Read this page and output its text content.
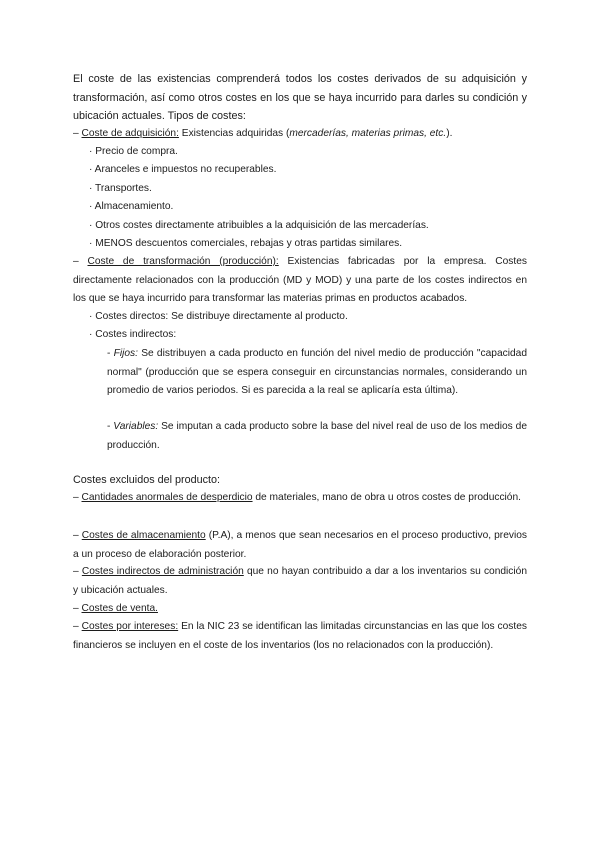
El coste de las existencias comprenderá todos los costes derivados de su adquisición y transformación, así como otros costes en los que se haya incurrido para darles su condición y ubicación actuales. Tipos de costes:
– Coste de adquisición: Existencias adquiridas (mercaderías, materias primas, etc.).
· Precio de compra.
· Aranceles e impuestos no recuperables.
· Transportes.
· Almacenamiento.
· Otros costes directamente atribuibles a la adquisición de las mercaderías.
· MENOS descuentos comerciales, rebajas y otras partidas similares.
– Coste de transformación (producción): Existencias fabricadas por la empresa. Costes directamente relacionados con la producción (MD y MOD) y una parte de los costes indirectos en los que se haya incurrido para transformar las materias primas en productos acabados.
· Costes directos: Se distribuye directamente al producto.
· Costes indirectos:
- Fijos: Se distribuyen a cada producto en función del nivel medio de producción "capacidad normal" (producción que se espera conseguir en circunstancias normales, considerando un promedio de varios periodos. Si es parecida a la real se aplicaría esta última).
- Variables: Se imputan a cada producto sobre la base del nivel real de uso de los medios de producción.
Costes excluidos del producto:
– Cantidades anormales de desperdicio de materiales, mano de obra u otros costes de producción.
– Costes de almacenamiento (P.A), a menos que sean necesarios en el proceso productivo, previos a un proceso de elaboración posterior.
– Costes indirectos de administración que no hayan contribuido a dar a los inventarios su condición y ubicación actuales.
– Costes de venta.
– Costes por intereses: En la NIC 23 se identifican las limitadas circunstancias en las que los costes financieros se incluyen en el coste de los inventarios (los no relacionados con la producción).
